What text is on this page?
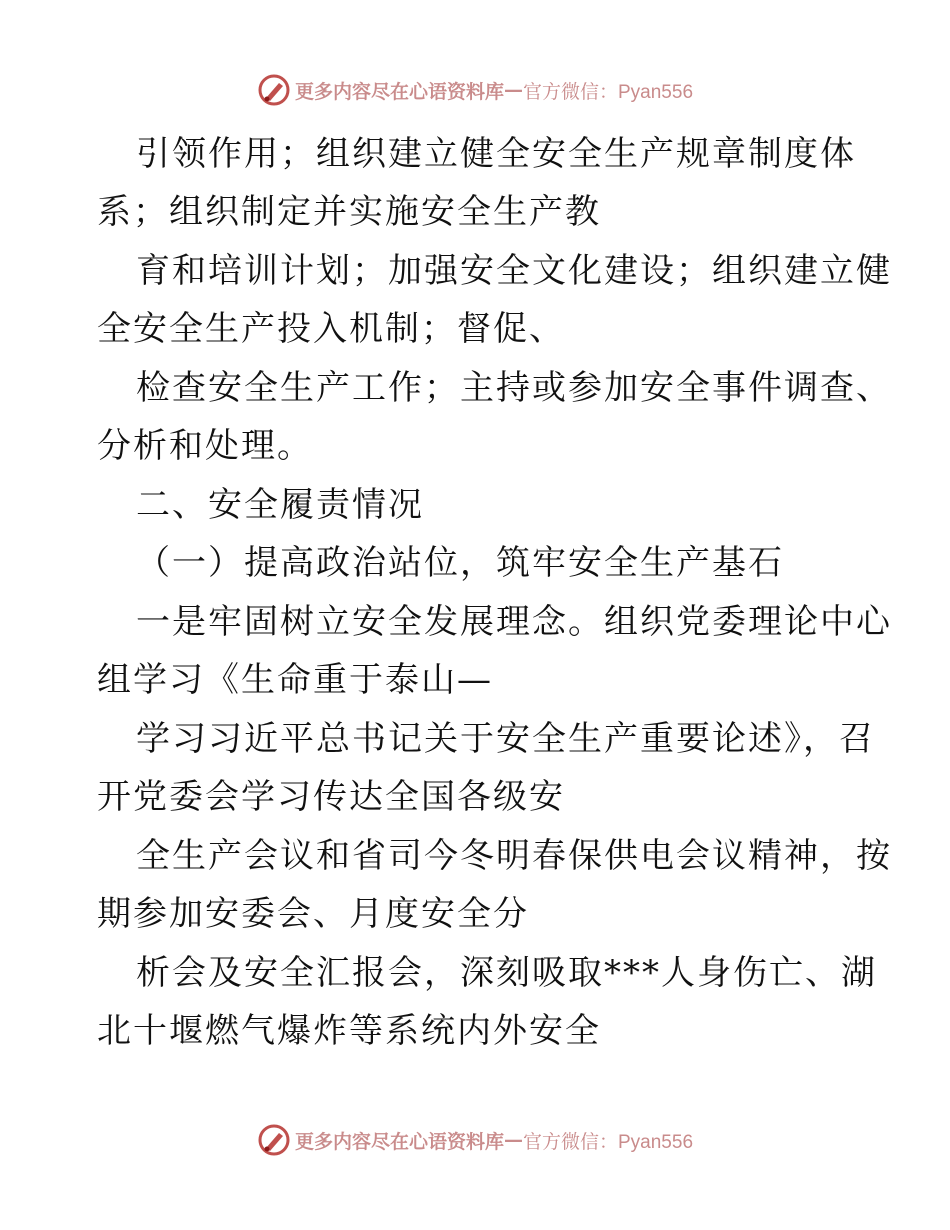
更多内容尽在心语资料库 — 官方微信：Pyan556
引领作用；组织建立健全安全生产规章制度体
系；组织制定并实施安全生产教
育和培训计划；加强安全文化建设；组织建立健
全安全生产投入机制；督促、
检查安全生产工作；主持或参加安全事件调查、
分析和处理。
二、安全履责情况
（一）提高政治站位，筑牢安全生产基石
一是牢固树立安全发展理念。组织党委理论中心
组学习《生命重于泰山—
学习习近平总书记关于安全生产重要论述》，召
开党委会学习传达全国各级安
全生产会议和省司今冬明春保供电会议精神，按
期参加安委会、月度安全分
析会及安全汇报会，深刻吸取***人身伤亡、湖
北十堰燃气爆炸等系统内外安全
更多内容尽在心语资料库 — 官方微信：Pyan556
